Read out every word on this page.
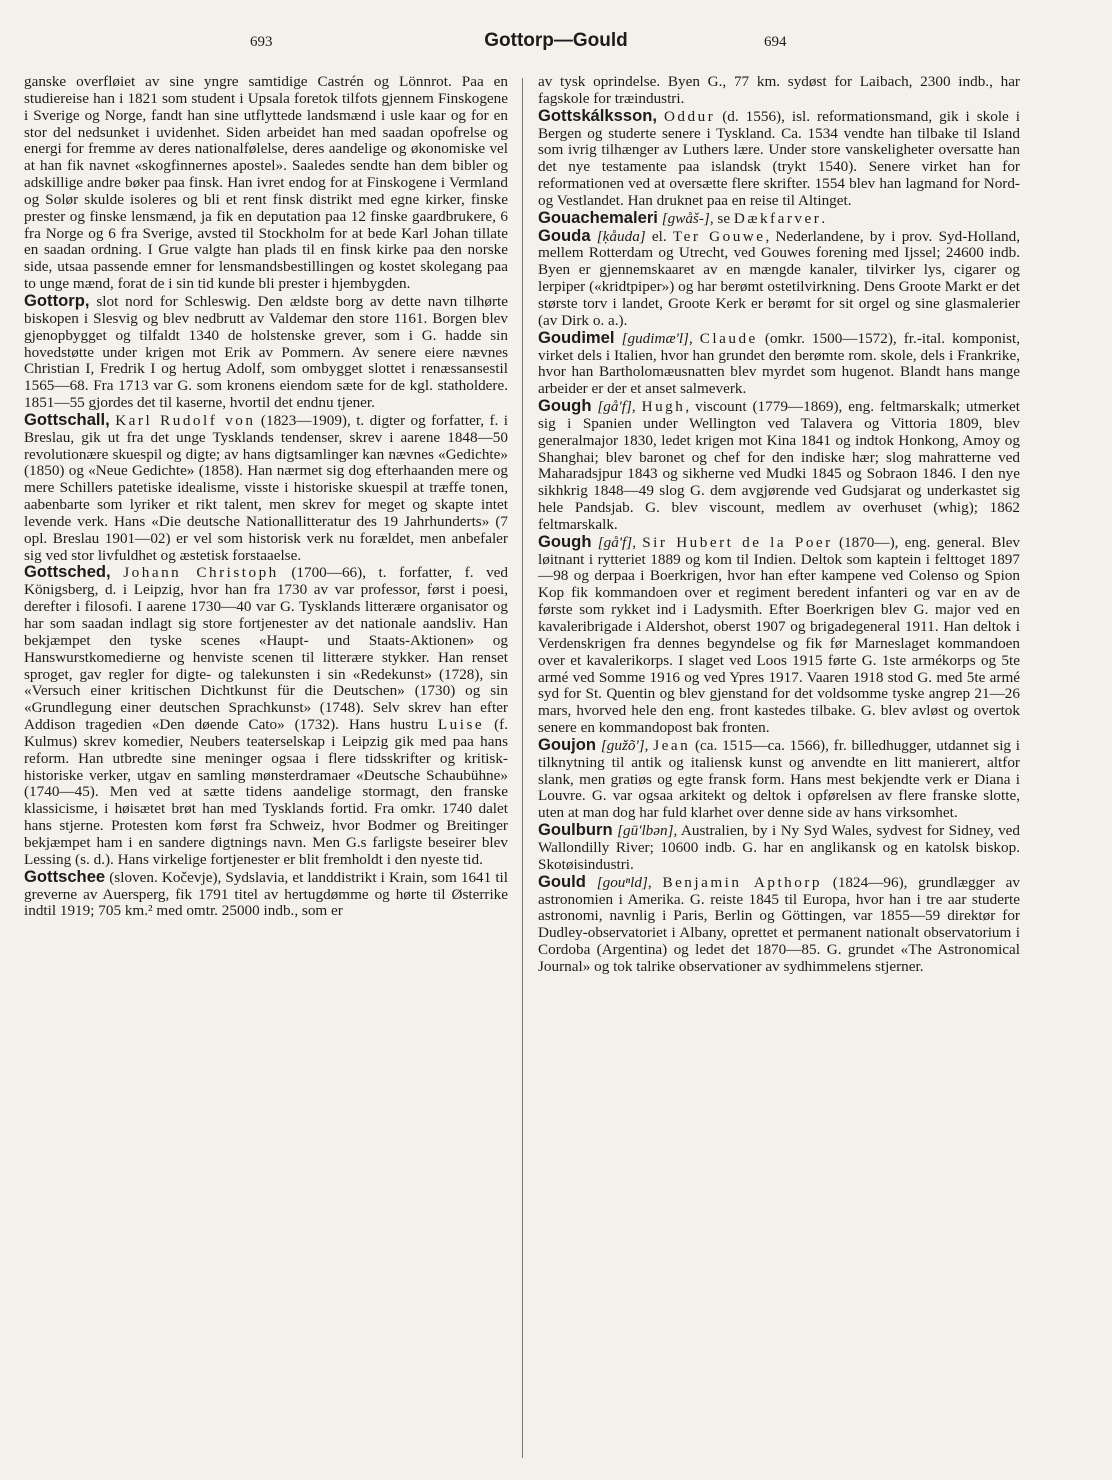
693	Gottorp—Gould	694

ganske overfløiet av sine yngre samtidige Castrén og Lönnrot. Paa en studiereise han i 1821 som student i Upsala foretok tilfots gjennem Finskogene i Sverige og Norge, fandt han sine utflyttede landsmænd i usle kaar og for en stor del nedsunket i uvidenhet. Siden arbeidet han med saadan opofrelse og energi for fremme av deres nationalfølelse, deres aandelige og økonomiske vel at han fik navnet «skogfinnernes apostel». Saaledes sendte han dem bibler og adskillige andre bøker paa finsk. Han ivret endog for at Finskogene i Vermland og Solør skulde isoleres og bli et rent finsk distrikt med egne kirker, finske prester og finske lensmænd, ja fik en deputation paa 12 finske gaardbrukere, 6 fra Norge og 6 fra Sverige, avsted til Stockholm for at bede Karl Johan tillate en saadan ordning. I Grue valgte han plads til en finsk kirke paa den norske side, utsaa passende emner for lensmandsbestillingen og kostet skolegang paa to unge mænd, forat de i sin tid kunde bli prester i hjembygden.

Gottorp, slot nord for Schleswig. Den ældste borg av dette navn tilhørte biskopen i Slesvig og blev nedbrutt av Valdemar den store 1161. Borgen blev gjenopbygget og tilfaldt 1340 de holstenske grever, som i G. hadde sin hovedstøtte under krigen mot Erik av Pommern. Av senere eiere nævnes Christian I, Fredrik I og hertug Adolf, som ombygget slottet i renæssansestil 1565—68. Fra 1713 var G. som kronens eiendom sæte for de kgl. statholdere. 1851—55 gjordes det til kaserne, hvortil det endnu tjener.

Gottschall, Karl Rudolf von (1823—1909), t. digter og forfatter, f. i Breslau, gik ut fra det unge Tysklands tendenser, skrev i aarene 1848—50 revolutionære skuespil og digte; av hans digtsamlinger kan nævnes «Gedichte» (1850) og «Neue Gedichte» (1858). Han nærmet sig dog efterhaanden mere og mere Schillers patetiske idealisme, visste i historiske skuespil at træffe tonen, aabenbarte som lyriker et rikt talent, men skrev for meget og skapte intet levende verk. Hans «Die deutsche Nationallitteratur des 19 Jahrhunderts» (7 opl. Breslau 1901—02) er vel som historisk verk nu forældet, men anbefaler sig ved stor livfuldhet og æstetisk forstaaelse.

Gottsched, Johann Christoph (1700—66), t. forfatter, f. ved Königsberg, d. i Leipzig, hvor han fra 1730 av var professor, først i poesi, derefter i filosofi. I aarene 1730—40 var G. Tysklands litterære organisator og har som saadan indlagt sig store fortjenester av det nationale aandsliv. Han bekjæmpet den tyske scenes «Haupt- und Staats-Aktionen» og Hanswurstkomedierne og henviste scenen til litterære stykker. Han renset sproget, gav regler for digte- og talekunsten i sin «Redekunst» (1728), sin «Versuch einer kritischen Dichtkunst für die Deutschen» (1730) og sin «Grundlegung einer deutschen Sprachkunst» (1748). Selv skrev han efter Addison tragedien «Den døende Cato» (1732). Hans hustru Luise (f. Kulmus) skrev komedier, Neubers teaterselskap i Leipzig gik med paa hans reform. Han utbredte sine meninger ogsaa i flere tidsskrifter og kritisk-historiske verker, utgav en samling mønsterdramaer «Deutsche Schaubühne» (1740—45). Men ved at sætte tidens aandelige stormagt, den franske klassicisme, i høisætet brøt han med Tysklands fortid. Fra omkr. 1740 dalet hans stjerne. Protesten kom først fra Schweiz, hvor Bodmer og Breitinger bekjæmpet ham i en sandere digtnings navn. Men G.s farligste beseirer blev Lessing (s. d.). Hans virkelige fortjenester er blit fremholdt i den nyeste tid.

Gottschee (sloven. Kočevje), Sydslavia, et landdistrikt i Krain, som 1641 til greverne av Auersperg, fik 1791 titel av hertugdømme og hørte til Østerrike indtil 1919; 705 km.² med omtr. 25000 indb., som er

av tysk oprindelse. Byen G., 77 km. sydøst for Laibach, 2300 indb., har fagskole for træindustri.

Gottskálksson, Oddur (d. 1556), isl. reformationsmand, gik i skole i Bergen og studerte senere i Tyskland. Ca. 1534 vendte han tilbake til Island som ivrig tilhænger av Luthers lære. Under store vanskeligheter oversatte han det nye testamente paa islandsk (trykt 1540). Senere virket han for reformationen ved at oversætte flere skrifter. 1554 blev han lagmand for Nord- og Vestlandet. Han druknet paa en reise til Altinget.

Gouachemaleri [gwåš-], se Dækfarver.

Gouda [ḳåuda] el. Ter Gouwe, Nederlandene, by i prov. Syd-Holland, mellem Rotterdam og Utrecht, ved Gouwes forening med Ijssel; 24600 indb. Byen er gjennemskaaret av en mængde kanaler, tilvirker lys, cigarer og lerpiper («kridtpiper») og har berømt ostetilvirkning. Dens Groote Markt er det største torv i landet, Groote Kerk er berømt for sit orgel og sine glasmalerier (av Dirk o. a.).

Goudimel [gudimæ'l], Claude (omkr. 1500—1572), fr.-ital. komponist, virket dels i Italien, hvor han grundet den berømte rom. skole, dels i Frankrike, hvor han Bartholomæusnatten blev myrdet som hugenot. Blandt hans mange arbeider er der et anset salmeverk.

Gough [gå'f], Hugh, viscount (1779—1869), eng. feltmarskalk; utmerket sig i Spanien under Wellington ved Talavera og Vittoria 1809, blev generalmajor 1830, ledet krigen mot Kina 1841 og indtok Honkong, Amoy og Shanghai; blev baronet og chef for den indiske hær; slog mahratterne ved Maharadsjpur 1843 og sikherne ved Mudki 1845 og Sobraon 1846. I den nye sikhkrig 1848—49 slog G. dem avgjørende ved Gudsjarat og underkastet sig hele Pandsjab. G. blev viscount, medlem av overhuset (whig); 1862 feltmarskalk.

Gough [gå'f], Sir Hubert de la Poer (1870—), eng. general. Blev løitnant i rytteriet 1889 og kom til Indien. Deltok som kaptein i felttoget 1897—98 og derpaa i Boerkrigen, hvor han efter kampene ved Colenso og Spion Kop fik kommandoen over et regiment beredent infanteri og var en av de første som rykket ind i Ladysmith. Efter Boerkrigen blev G. major ved en kavaleribrigade i Aldershot, oberst 1907 og brigadegeneral 1911. Han deltok i Verdenskrigen fra dennes begyndelse og fik før Marneslaget kommandoen over et kavalerikorps. I slaget ved Loos 1915 førte G. 1ste armékorps og 5te armé ved Somme 1916 og ved Ypres 1917. Vaaren 1918 stod G. med 5te armé syd for St. Quentin og blev gjenstand for det voldsomme tyske angrep 21—26 mars, hvorved hele den eng. front kastedes tilbake. G. blev avløst og overtok senere en kommandopost bak fronten.

Goujon [gužõ'], Jean (ca. 1515—ca. 1566), fr. billedhugger, utdannet sig i tilknytning til antik og italiensk kunst og anvendte en litt manierert, altfor slank, men gratiøs og egte fransk form. Hans mest bekjendte verk er Diana i Louvre. G. var ogsaa arkitekt og deltok i opførelsen av flere franske slotte, uten at man dog har fuld klarhet over denne side av hans virksomhet.

Goulburn [gū'lbən], Australien, by i Ny Syd Wales, sydvest for Sidney, ved Wallondilly River; 10600 indb. G. har en anglikansk og en katolsk biskop. Skotøisindustri.

Gould [gouⁿld], Benjamin Apthorp (1824—96), grundlægger av astronomien i Amerika. G. reiste 1845 til Europa, hvor han i tre aar studerte astronomi, navnlig i Paris, Berlin og Göttingen, var 1855—59 direktør for Dudley-observatoriet i Albany, oprettet et permanent nationalt observatorium i Cordoba (Argentina) og ledet det 1870—85. G. grundet «The Astronomical Journal» og tok talrike observationer av sydhimmelens stjerner.
